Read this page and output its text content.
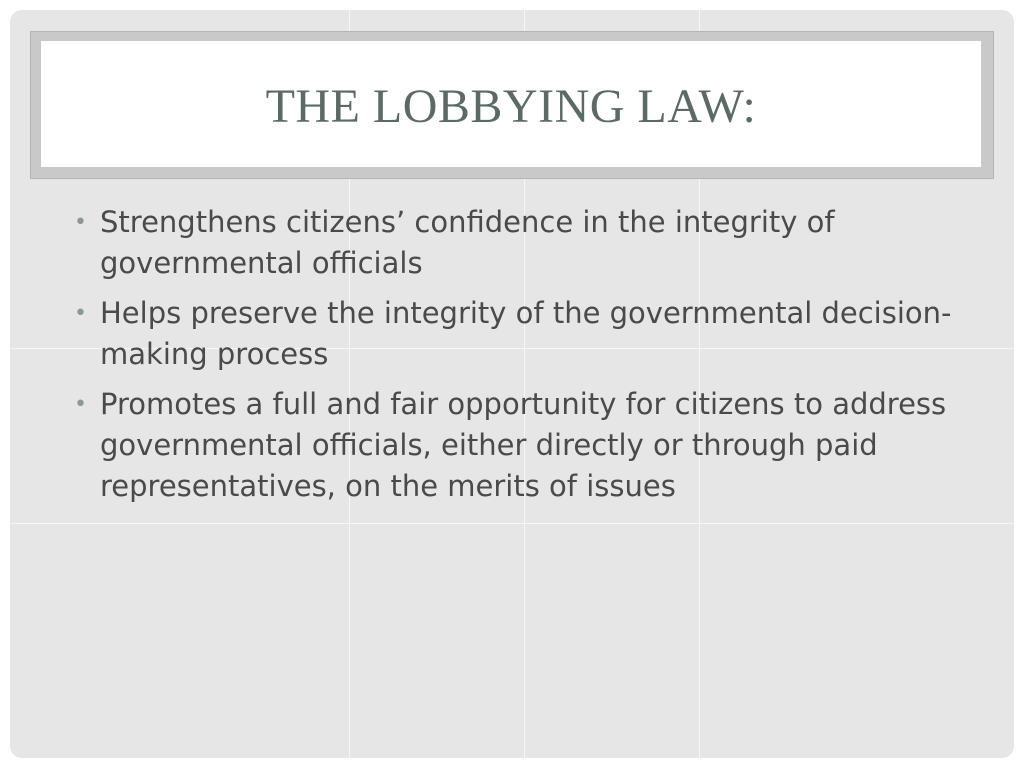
THE LOBBYING LAW:
• Strengthens citizens’ confidence in the integrity of governmental officials
• Helps preserve the integrity of the governmental decision-making process
• Promotes a full and fair opportunity for citizens to address governmental officials, either directly or through paid representatives, on the merits of issues
